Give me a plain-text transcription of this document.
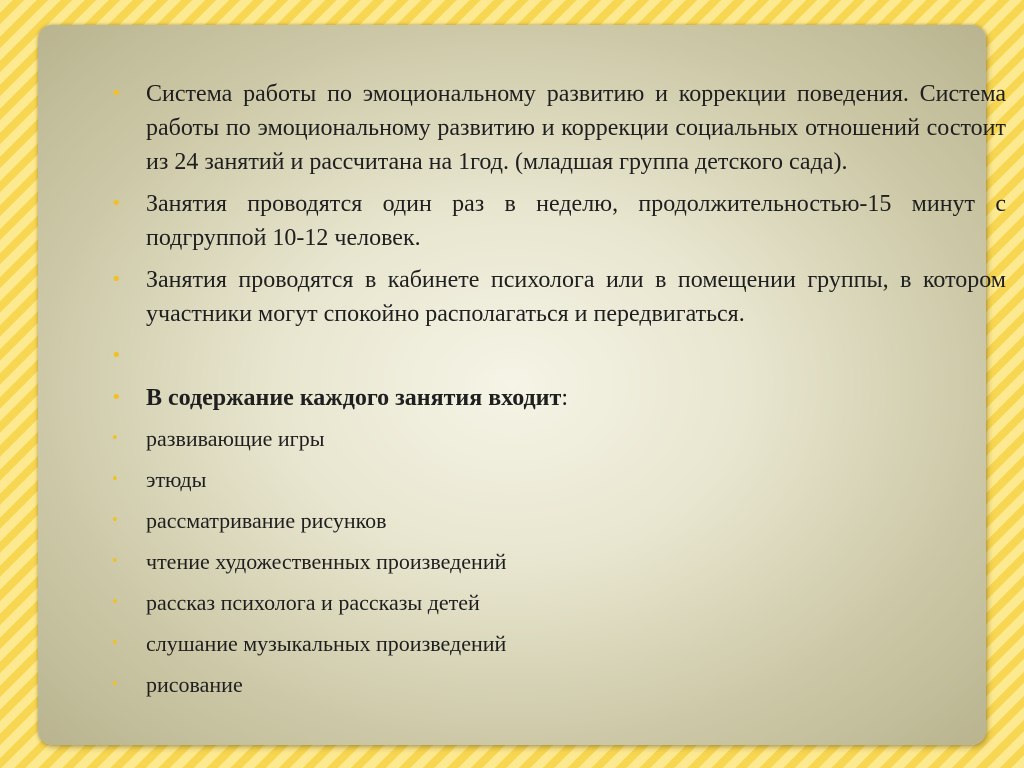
• Система работы по эмоциональному развитию и коррекции поведения. Система работы по эмоциональному развитию и коррекции социальных отношений состоит из 24 занятий и рассчитана на 1год. (младшая группа детского сада).
• Занятия проводятся один раз в неделю, продолжительностью-15 минут с подгруппой 10-12 человек.
• Занятия проводятся в кабинете психолога или в помещении группы, в котором участники могут спокойно располагаться и передвигаться.
•
• В содержание каждого занятия входит:
• развивающие игры
• этюды
• рассматривание рисунков
• чтение художественных произведений
• рассказ психолога и рассказы детей
• слушание музыкальных произведений
• рисование
